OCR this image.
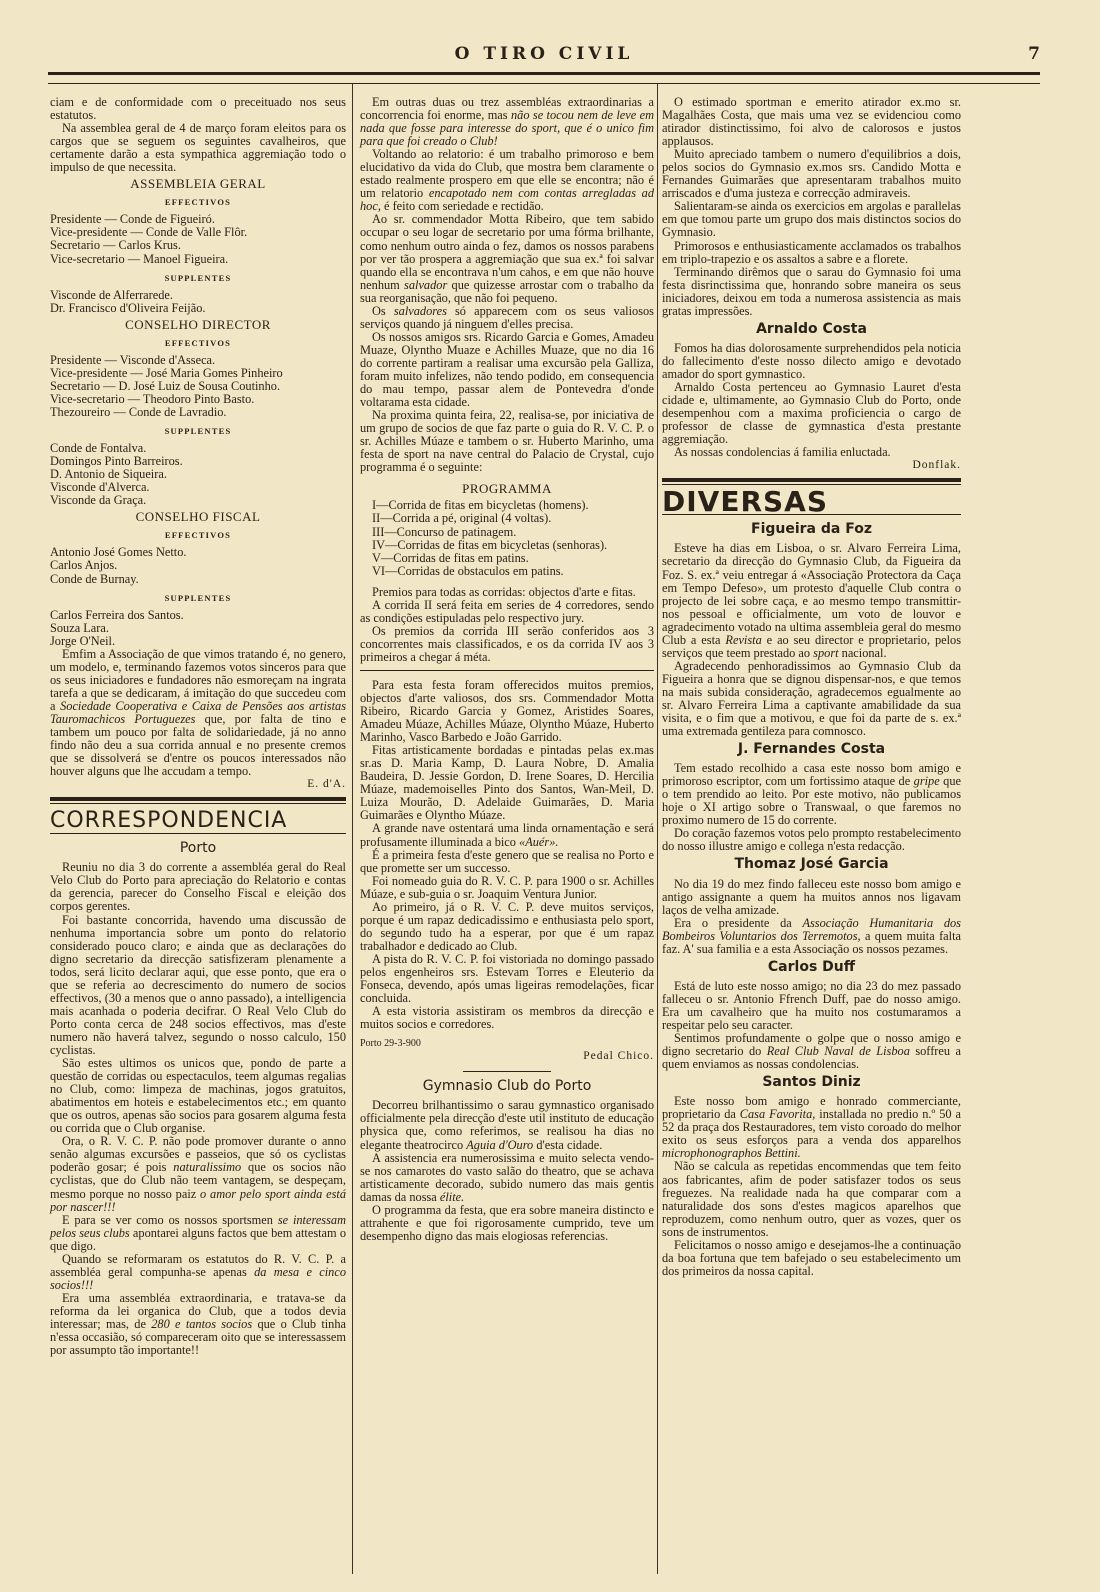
O TIRO CIVIL	7

ciam e de conformidade com o preceituado nos seus estatutos.

Na assemblea geral de 4 de março foram eleitos para os cargos que se seguem os seguintes cavalheiros, que certamente darão a esta sympathica aggremiação todo o impulso de que necessita.

ASSEMBLEIA GERAL
EFFECTIVOS
Presidente — Conde de Figueiró.
Vice-presidente — Conde de Valle Flôr.
Secretario — Carlos Krus.
Vice-secretario — Manoel Figueira.
SUPPLENTES
Visconde de Alferrarede.
Dr. Francisco d'Oliveira Feijão.
CONSELHO DIRECTOR
EFFECTIVOS
Presidente — Visconde d'Asseca.
Vice-presidente — José Maria Gomes Pinheiro
Secretario — D. José Luiz de Sousa Coutinho.
Vice-secretario — Theodoro Pinto Basto.
Thezoureiro — Conde de Lavradio.
SUPPLENTES
Conde de Fontalva.
Domingos Pinto Barreiros.
D. Antonio de Siqueira.
Visconde d'Alverca.
Visconde da Graça.
CONSELHO FISCAL
EFFECTIVOS
Antonio José Gomes Netto.
Carlos Anjos.
Conde de Burnay.
SUPPLENTES
Carlos Ferreira dos Santos.
Souza Lara.
Jorge O'Neil.

Emfim a Associação de que vimos tratando é, no genero, um modelo, e, terminando fazemos votos sinceros para que os seus iniciadores e fundadores não esmoreçam na ingrata tarefa a que se dedicaram, á imitação do que succedeu com a Sociedade Cooperativa e Caixa de Pensões aos artistas Tauromachicos Portuguezes que, por falta de tino e tambem um pouco por falta de solidariedade, já no anno findo não deu a sua corrida annual e no presente cremos que se dissolverá se d'entre os poucos interessados não houver alguns que lhe accudam a tempo.

E. d'A.
CORRESPONDENCIA
Porto

Reuniu no dia 3 do corrente a assembléa geral do Real Velo Club do Porto para apreciação do Relatorio e contas da gerencia, parecer do Conselho Fiscal e eleição dos corpos gerentes.

Foi bastante concorrida, havendo uma discussão de nenhuma importancia sobre um ponto do relatorio considerado pouco claro; e ainda que as declarações do digno secretario da direcção satisfizeram plenamente a todos, será licito declarar aqui, que esse ponto, que era o que se referia ao decrescimento do numero de socios effectivos, (30 a menos que o anno passado), a intelligencia mais acanhada o poderia decifrar. O Real Velo Club do Porto conta cerca de 248 socios effectivos, mas d'este numero não haverá talvez, segundo o nosso calculo, 150 cyclistas.

São estes ultimos os unicos que, pondo de parte a questão de corridas ou espectaculos, teem algumas regalias no Club, como: limpeza de machinas, jogos gratuitos, abatimentos em hoteis e estabelecimentos etc.; em quanto que os outros, apenas são socios para gosarem alguma festa ou corrida que o Club organise.

Ora, o R. V. C. P. não pode promover durante o anno senão algumas excursões e passeios, que só os cyclistas poderão gosar; é pois naturalissimo que os socios não cyclistas, que do Club não teem vantagem, se despeçam, mesmo porque no nosso paiz o amor pelo sport ainda está por nascer!!!

E para se ver como os nossos sportsmen se interessam pelos seus clubs apontarei alguns factos que bem attestam o que digo.

Quando se reformaram os estatutos do R. V. C. P. a assembléa geral compunha-se apenas da mesa e cinco socios!!!

Era uma assembléa extraordinaria, e tratava-se da reforma da lei organica do Club, que a todos devia interessar; mas, de 280 e tantos socios que o Club tinha n'essa occasião, só compareceram oito que se interessassem por assumpto tão importante!!

Em outras duas ou trez assembléas extraordinarias a concorrencia foi enorme, mas não se tocou nem de leve em nada que fosse para interesse do sport, que é o unico fim para que foi creado o Club!

Voltando ao relatorio: é um trabalho primoroso e bem elucidativo da vida do Club, que mostra bem claramente o estado realmente prospero em que elle se encontra; não é um relatorio encapotado nem com contas arregladas ad hoc, é feito com seriedade e rectidão.

Ao sr. commendador Motta Ribeiro, que tem sabido occupar o seu logar de secretario por uma fórma brilhante, como nenhum outro ainda o fez, damos os nossos parabens por ver tão prospera a aggremiação que sua ex.ª foi salvar quando ella se encontrava n'um cahos, e em que não houve nenhum salvador que quizesse arrostar com o trabalho da sua reorganisação, que não foi pequeno.

Os salvadores só apparecem com os seus valiosos serviços quando já ninguem d'elles precisa.

Os nossos amigos srs. Ricardo Garcia e Gomes, Amadeu Muaze, Olyntho Muaze e Achilles Muaze, que no dia 16 do corrente partiram a realisar uma excursão pela Galliza, foram muito infelizes, não tendo podido, em consequencia do mau tempo, passar alem de Pontevedra d'onde voltarama esta cidade.

Na proxima quinta feira, 22, realisa-se, por iniciativa de um grupo de socios de que faz parte o guia do R. V. C. P. o sr. Achilles Múaze e tambem o sr. Huberto Marinho, uma festa de sport na nave central do Palacio de Crystal, cujo programma é o seguinte:

PROGRAMMA
I—Corrida de fitas em bicycletas (homens).
II—Corrida a pé, original (4 voltas).
III—Concurso de patinagem.
IV—Corridas de fitas em bicycletas (senhoras).
V—Corridas de fitas em patins.
VI—Corridas de obstaculos em patins.

Premios para todas as corridas: objectos d'arte e fitas.

A corrida II será feita em series de 4 corredores, sendo as condições estipuladas pelo respectivo jury.

Os premios da corrida III serão conferidos aos 3 concorrentes mais classificados, e os da corrida IV aos 3 primeiros a chegar á méta.

Para esta festa foram offerecidos muitos premios, objectos d'arte valiosos, dos srs. Commendador Motta Ribeiro, Ricardo Garcia y Gomez, Aristides Soares, Amadeu Múaze, Achilles Múaze, Olyntho Múaze, Huberto Marinho, Vasco Barbedo e João Garrido.

Fitas artisticamente bordadas e pintadas pelas ex.mas sr.as D. Maria Kamp, D. Laura Nobre, D. Amalia Baudeira, D. Jessie Gordon, D. Irene Soares, D. Hercilia Múaze, mademoiselles Pinto dos Santos, Wan-Meil, D. Luiza Mourão, D. Adelaide Guimarães, D. Maria Guimarães e Olyntho Múaze.

A grande nave ostentará uma linda ornamentação e será profusamente illuminada a bico «Auér».

É a primeira festa d'este genero que se realisa no Porto e que promette ser um successo.

Foi nomeado guia do R. V. C. P. para 1900 o sr. Achilles Múaze, e sub-guia o sr. Joaquim Ventura Junior.

Ao primeiro, já o R. V. C. P. deve muitos serviços, porque é um rapaz dedicadissimo e enthusiasta pelo sport, do segundo tudo ha a esperar, por que é um rapaz trabalhador e dedicado ao Club.

A pista do R. V. C. P. foi vistoriada no domingo passado pelos engenheiros srs. Estevam Torres e Eleuterio da Fonseca, devendo, após umas ligeiras remodelações, ficar concluida.

A esta vistoria assistiram os membros da direcção e muitos socios e corredores.

Porto 29-3-900
Pedal Chico.
Gymnasio Club do Porto

Decorreu brilhantissimo o sarau gymnastico organisado officialmente pela direcção d'este util instituto de educação physica que, como referimos, se realisou ha dias no elegante theatrocirco Aguia d'Ouro d'esta cidade.

A assistencia era numerosissima e muito selecta vendo-se nos camarotes do vasto salão do theatro, que se achava artisticamente decorado, subido numero das mais gentis damas da nossa élite.

O programma da festa, que era sobre maneira distincto e attrahente e que foi rigorosamente cumprido, teve um desempenho digno das mais elogiosas referencias.

O estimado sportman e emerito atirador ex.mo sr. Magalhães Costa, que mais uma vez se evidenciou como atirador distinctissimo, foi alvo de calorosos e justos applausos.

Muito apreciado tambem o numero d'equilibrios a dois, pelos socios do Gymnasio ex.mos srs. Candido Motta e Fernandes Guimarães que apresentaram trabalhos muito arriscados e d'uma justeza e correcção admiraveis.

Salientaram-se ainda os exercicios em argolas e parallelas em que tomou parte um grupo dos mais distinctos socios do Gymnasio.

Primorosos e enthusiasticamente acclamados os trabalhos em triplo-trapezio e os assaltos a sabre e a florete.

Terminando dirêmos que o sarau do Gymnasio foi uma festa disrinctissima que, honrando sobre maneira os seus iniciadores, deixou em toda a numerosa assistencia as mais gratas impressões.

Arnaldo Costa

Fomos ha dias dolorosamente surprehendidos pela noticia do fallecimento d'este nosso dilecto amigo e devotado amador do sport gymnastico.

Arnaldo Costa pertenceu ao Gymnasio Lauret d'esta cidade e, ultimamente, ao Gymnasio Club do Porto, onde desempenhou com a maxima proficiencia o cargo de professor de classe de gymnastica d'esta prestante aggremiação.

As nossas condolencias á familia enluctada.

Donflak.
DIVERSAS
Figueira da Foz

Esteve ha dias em Lisboa, o sr. Alvaro Ferreira Lima, secretario da direcção do Gymnasio Club, da Figueira da Foz. S. ex.ª veiu entregar á «Associação Protectora da Caça em Tempo Defeso», um protesto d'aquelle Club contra o projecto de lei sobre caça, e ao mesmo tempo transmittir-nos pessoal e officialmente, um voto de louvor e agradecimento votado na ultima assembleia geral do mesmo Club a esta Revista e ao seu director e proprietario, pelos serviços que teem prestado ao sport nacional.

Agradecendo penhoradissimos ao Gymnasio Club da Figueira a honra que se dignou dispensar-nos, e que temos na mais subida consideração, agradecemos egualmente ao sr. Alvaro Ferreira Lima a captivante amabilidade da sua visita, e o fim que a motivou, e que foi da parte de s. ex.ª uma extremada gentileza para comnosco.

J. Fernandes Costa

Tem estado recolhido a casa este nosso bom amigo e primoroso escriptor, com um fortissimo ataque de gripe que o tem prendido ao leito. Por este motivo, não publicamos hoje o XI artigo sobre o Transwaal, o que faremos no proximo numero de 15 do corrente.

Do coração fazemos votos pelo prompto restabelecimento do nosso illustre amigo e collega n'esta redacção.

Thomaz José Garcia

No dia 19 do mez findo falleceu este nosso bom amigo e antigo assignante a quem ha muitos annos nos ligavam laços de velha amizade.

Era o presidente da Associação Humanitaria dos Bombeiros Voluntarios dos Terremotos, a quem muita falta faz. A' sua familia e a esta Associação os nossos pezames.

Carlos Duff

Está de luto este nosso amigo; no dia 23 do mez passado falleceu o sr. Antonio Ffrench Duff, pae do nosso amigo. Era um cavalheiro que ha muito nos costumaramos a respeitar pelo seu caracter.

Sentimos profundamente o golpe que o nosso amigo e digno secretario do Real Club Naval de Lisboa soffreu a quem enviamos as nossas condolencias.

Santos Diniz

Este nosso bom amigo e honrado commerciante, proprietario da Casa Favorita, installada no predio n.º 50 a 52 da praça dos Restauradores, tem visto coroado do melhor exito os seus esforços para a venda dos apparelhos microphonographos Bettini.

Não se calcula as repetidas encommendas que tem feito aos fabricantes, afim de poder satisfazer todos os seus freguezes. Na realidade nada ha que comparar com a naturalidade dos sons d'estes magicos aparelhos que reproduzem, como nenhum outro, quer as vozes, quer os sons de instrumentos.

Felicitamos o nosso amigo e desejamos-lhe a continuação da boa fortuna que tem bafejado o seu estabelecimento um dos primeiros da nossa capital.
